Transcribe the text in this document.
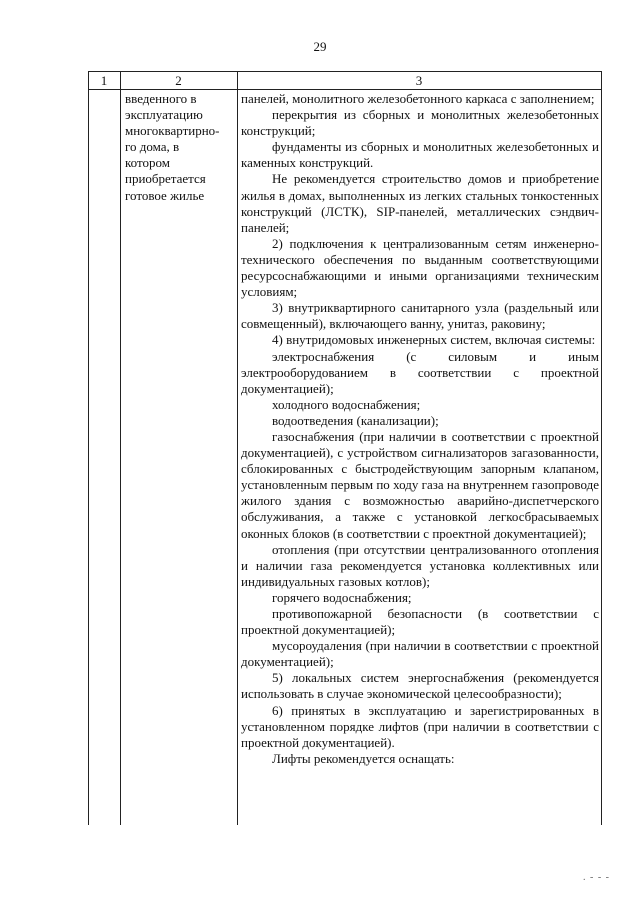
29
1	2	3
введенного в
эксплуатацию
многоквартирно-
го дома, в
котором
приобретается
готовое жилье
панелей, монолитного железобетонного каркаса с заполнением;
перекрытия из сборных и монолитных железобетонных конструкций;
фундаменты из сборных и монолитных железобетонных и каменных конструкций.
Не рекомендуется строительство домов и приобретение жилья в домах, выполненных из легких стальных тонкостенных конструкций (ЛСТК), SIP-панелей, металлических сэндвич-панелей;
2) подключения к централизованным сетям инженерно-технического обеспечения по выданным соответствующими ресурсоснабжающими и иными организациями техническим условиям;
3) внутриквартирного санитарного узла (раздельный или совмещенный), включающего ванну, унитаз, раковину;
4) внутридомовых инженерных систем, включая системы:
электроснабжения (с силовым и иным электрооборудованием в соответствии с проектной документацией);
холодного водоснабжения;
водоотведения (канализации);
газоснабжения (при наличии в соответствии с проектной документацией), с устройством сигнализаторов загазованности, сблокированных с быстродействующим запорным клапаном, установленным первым по ходу газа на внутреннем газопроводе жилого здания с возможностью аварийно-диспетчерского обслуживания, а также с установкой легкосбрасываемых оконных блоков (в соответствии с проектной документацией);
отопления (при отсутствии централизованного отопления и наличии газа рекомендуется установка коллективных или индивидуальных газовых котлов);
горячего водоснабжения;
противопожарной безопасности (в соответствии с проектной документацией);
мусороудаления (при наличии в соответствии с проектной документацией);
5) локальных систем энергоснабжения (рекомендуется использовать в случае экономической целесообразности);
6) принятых в эксплуатацию и зарегистрированных в установленном порядке лифтов (при наличии в соответствии с проектной документацией).
Лифты рекомендуется оснащать:
. - - -
